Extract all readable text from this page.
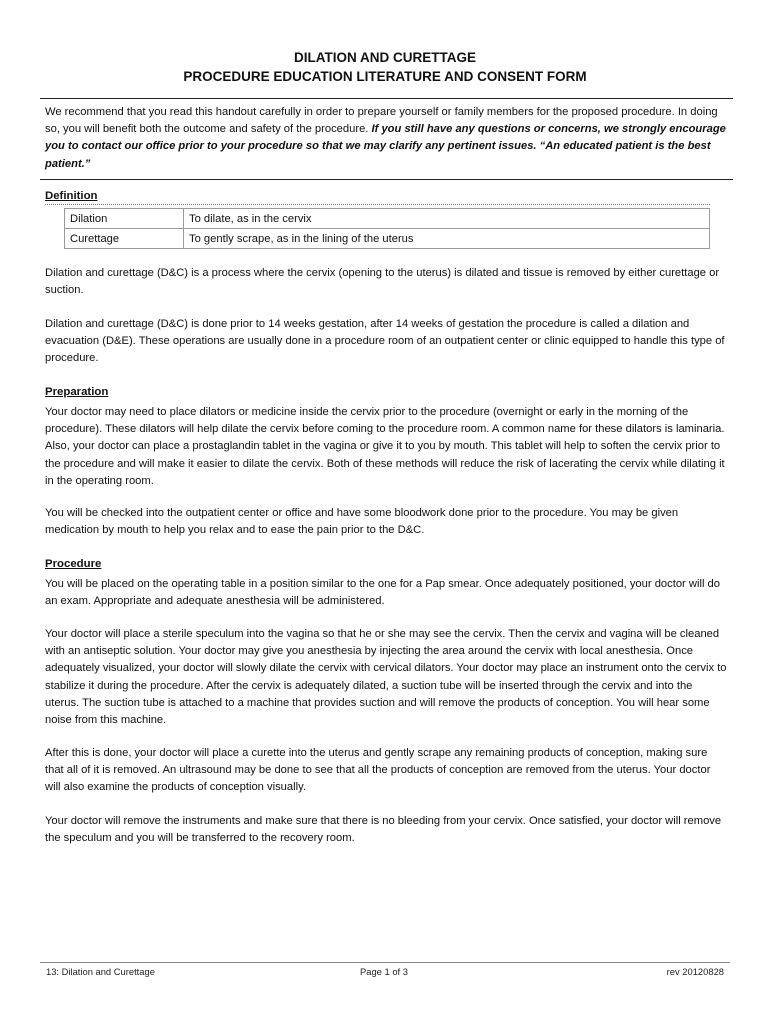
DILATION AND CURETTAGE
PROCEDURE EDUCATION LITERATURE AND CONSENT FORM
We recommend that you read this handout carefully in order to prepare yourself or family members for the proposed procedure. In doing so, you will benefit both the outcome and safety of the procedure. If you still have any questions or concerns, we strongly encourage you to contact our office prior to your procedure so that we may clarify any pertinent issues. “An educated patient is the best patient.”
Definition
Dilation	To dilate, as in the cervix
Curettage	To gently scrape, as in the lining of the uterus
Dilation and curettage (D&C) is a process where the cervix (opening to the uterus) is dilated and tissue is removed by either curettage or suction.
Dilation and curettage (D&C) is done prior to 14 weeks gestation, after 14 weeks of gestation the procedure is called a dilation and evacuation (D&E). These operations are usually done in a procedure room of an outpatient center or clinic equipped to handle this type of procedure.
Preparation
Your doctor may need to place dilators or medicine inside the cervix prior to the procedure (overnight or early in the morning of the procedure). These dilators will help dilate the cervix before coming to the procedure room. A common name for these dilators is laminaria. Also, your doctor can place a prostaglandin tablet in the vagina or give it to you by mouth. This tablet will help to soften the cervix prior to the procedure and will make it easier to dilate the cervix. Both of these methods will reduce the risk of lacerating the cervix while dilating it in the operating room.
You will be checked into the outpatient center or office and have some bloodwork done prior to the procedure. You may be given medication by mouth to help you relax and to ease the pain prior to the D&C.
Procedure
You will be placed on the operating table in a position similar to the one for a Pap smear. Once adequately positioned, your doctor will do an exam. Appropriate and adequate anesthesia will be administered.
Your doctor will place a sterile speculum into the vagina so that he or she may see the cervix. Then the cervix and vagina will be cleaned with an antiseptic solution. Your doctor may give you anesthesia by injecting the area around the cervix with local anesthesia. Once adequately visualized, your doctor will slowly dilate the cervix with cervical dilators. Your doctor may place an instrument onto the cervix to stabilize it during the procedure. After the cervix is adequately dilated, a suction tube will be inserted through the cervix and into the uterus. The suction tube is attached to a machine that provides suction and will remove the products of conception. You will hear some noise from this machine.
After this is done, your doctor will place a curette into the uterus and gently scrape any remaining products of conception, making sure that all of it is removed. An ultrasound may be done to see that all the products of conception are removed from the uterus. Your doctor will also examine the products of conception visually.
Your doctor will remove the instruments and make sure that there is no bleeding from your cervix. Once satisfied, your doctor will remove the speculum and you will be transferred to the recovery room.
13: Dilation and Curettage	Page 1 of 3	rev 20120828
